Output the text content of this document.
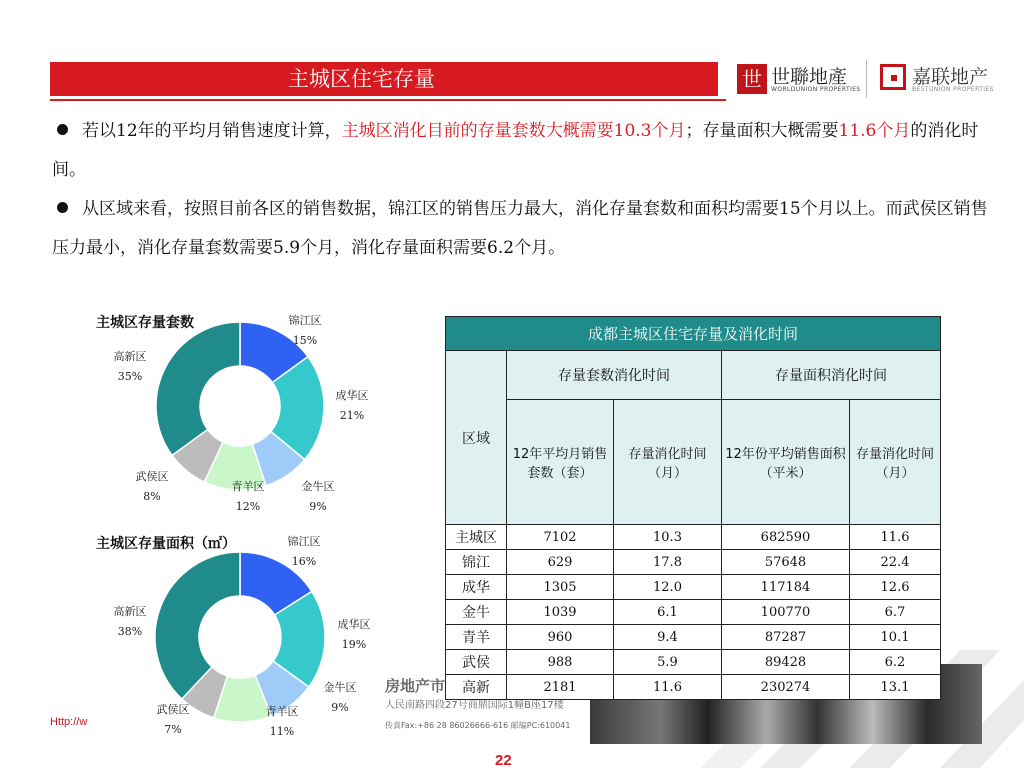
房地产市
人民南路四段27号商鼎国际1幢B座17楼
传真Fax:+86 28 86026666-616 邮编PC:610041
主城区住宅存量	世 世聯地產
WORLDUNION PROPERTIES
嘉联地产
BESTUNION PROPERTIES

若以12年的平均月销售速度计算，主城区消化目前的存量套数大概需要10.3个月；存量面积大概需要11.6个月的消化时间。

从区域来看，按照目前各区的销售数据，锦江区的销售压力最大，消化存量套数和面积均需要15个月以上。而武侯区销售压力最小，消化存量套数需要5.9个月，消化存量面积需要6.2个月。

锦江区
15%
成华区
21%
金牛区
9%
青羊区
12%
武侯区
8%
高新区
35%
主城区存量套数
锦江区
16%
成华区
19%
金牛区
9%
青羊区
11%
武侯区
7%
高新区
38%
主城区存量面积（㎡）
成都主城区住宅存量及消化时间				
区域	存量套数消化时间		存量面积消化时间	
	12年平均月销售套数（套）	存量消化时间（月）	12年份平均销售面积（平米）	存量消化时间（月）
主城区	7102	10.3	682590	11.6
锦江	629	17.8	57648	22.4
成华	1305	12.0	117184	12.6
金牛	1039	6.1	100770	6.7
青羊	960	9.4	87287	10.1
武侯	988	5.9	89428	6.2
高新	2181	11.6	230274	13.1
Http://w
22
